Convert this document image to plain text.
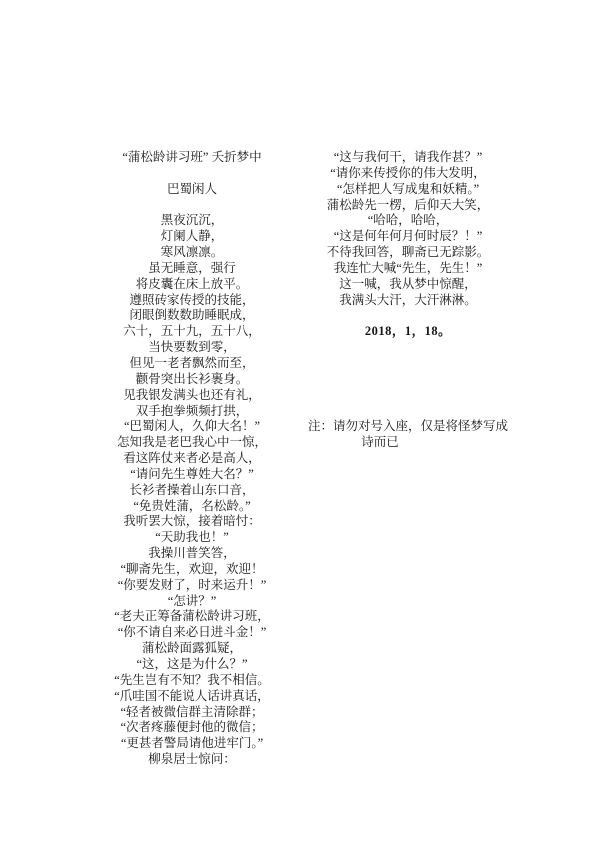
“蒲松龄讲习班” 夭折梦中
巴蜀闲人
黑夜沉沉，
灯阑人静，
寒风凛凛。
虽无睡意，强行
将皮囊在床上放平。
遵照砖家传授的技能，
闭眼倒数数助睡眠成，
六十，五十九，五十八，
当快要数到零，
但见一老者飘然而至，
颧骨突出长衫裹身。
见我银发满头也还有礼，
双手抱拳频频打拱，
“巴蜀闲人，久仰大名！”
怎知我是老巴我心中一惊，
看这阵仗来者必是高人，
“请问先生尊姓大名？”
长衫者操着山东口音，
“免贵姓蒲，名松龄。”
我听罢大惊，接着暗忖：
“天助我也！”
我操川普笑答，
“聊斋先生，欢迎，欢迎！
“你要发财了，时来运升！”
“怎讲？”
“老夫正筹备蒲松龄讲习班，
“你不请自来必日进斗金！”
蒲松龄面露狐疑，
“这，这是为什么？”
“先生岂有不知？我不相信。
“爪哇国不能说人话讲真话，
“轻者被微信群主清除群；
“次者疼藤便封他的微信；
“更甚者警局请他进牢门。”
柳泉居士惊问：
“这与我何干，请我作甚？”
“请你来传授你的伟大发明，
“怎样把人写成鬼和妖精。”
蒲松龄先一楞，后仰天大笑，
“哈哈，哈哈，
“这是何年何月何时辰？！”
不待我回答，聊斋已无踪影。
我连忙大喊“先生，先生！”
这一喊，我从梦中惊醒，
我满头大汗，大汗淋淋。
2018，1，18。
注：请勿对号入座，仅是将怪梦写成
诗而已
